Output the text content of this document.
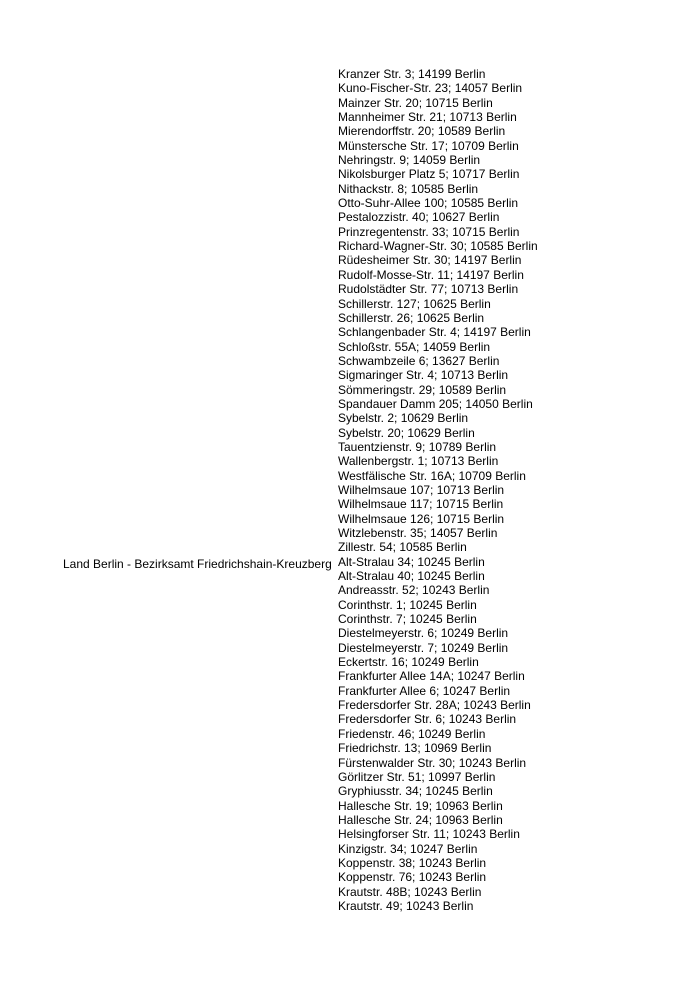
Land Berlin - Bezirksamt Friedrichshain-Kreuzberg
Kranzer Str. 3; 14199 Berlin
Kuno-Fischer-Str. 23; 14057 Berlin
Mainzer Str. 20; 10715 Berlin
Mannheimer Str. 21; 10713 Berlin
Mierendorffstr. 20; 10589 Berlin
Münstersche Str. 17; 10709 Berlin
Nehringstr. 9; 14059 Berlin
Nikolsburger Platz 5; 10717 Berlin
Nithackstr. 8; 10585 Berlin
Otto-Suhr-Allee 100; 10585 Berlin
Pestalozzistr. 40; 10627 Berlin
Prinzregentenstr. 33; 10715 Berlin
Richard-Wagner-Str. 30; 10585 Berlin
Rüdesheimer Str. 30; 14197 Berlin
Rudolf-Mosse-Str. 11; 14197 Berlin
Rudolstädter Str. 77; 10713 Berlin
Schillerstr. 127; 10625 Berlin
Schillerstr. 26; 10625 Berlin
Schlangenbader Str. 4; 14197 Berlin
Schloßstr. 55A; 14059 Berlin
Schwambzeile 6; 13627 Berlin
Sigmaringer Str. 4; 10713 Berlin
Sömmeringstr. 29; 10589 Berlin
Spandauer Damm 205; 14050 Berlin
Sybelstr. 2; 10629 Berlin
Sybelstr. 20; 10629 Berlin
Tauentzienstr. 9; 10789 Berlin
Wallenbergstr. 1; 10713 Berlin
Westfälische Str. 16A; 10709 Berlin
Wilhelmsaue 107; 10713 Berlin
Wilhelmsaue 117; 10715 Berlin
Wilhelmsaue 126; 10715 Berlin
Witzlebenstr. 35; 14057 Berlin
Zillestr. 54; 10585 Berlin
Alt-Stralau 34; 10245 Berlin
Alt-Stralau 40; 10245 Berlin
Andreasstr. 52; 10243 Berlin
Corinthstr. 1; 10245 Berlin
Corinthstr. 7; 10245 Berlin
Diestelmeyerstr. 6; 10249 Berlin
Diestelmeyerstr. 7; 10249 Berlin
Eckertstr. 16; 10249 Berlin
Frankfurter Allee 14A; 10247 Berlin
Frankfurter Allee 6; 10247 Berlin
Fredersdorfer Str. 28A; 10243 Berlin
Fredersdorfer Str. 6; 10243 Berlin
Friedenstr. 46; 10249 Berlin
Friedrichstr. 13; 10969 Berlin
Fürstenwalder Str. 30; 10243 Berlin
Görlitzer Str. 51; 10997 Berlin
Gryphiusstr. 34; 10245 Berlin
Hallesche Str. 19; 10963 Berlin
Hallesche Str. 24; 10963 Berlin
Helsingforser Str. 11; 10243 Berlin
Kinzigstr. 34; 10247 Berlin
Koppenstr. 38; 10243 Berlin
Koppenstr. 76; 10243 Berlin
Krautstr. 48B; 10243 Berlin
Krautstr. 49; 10243 Berlin
